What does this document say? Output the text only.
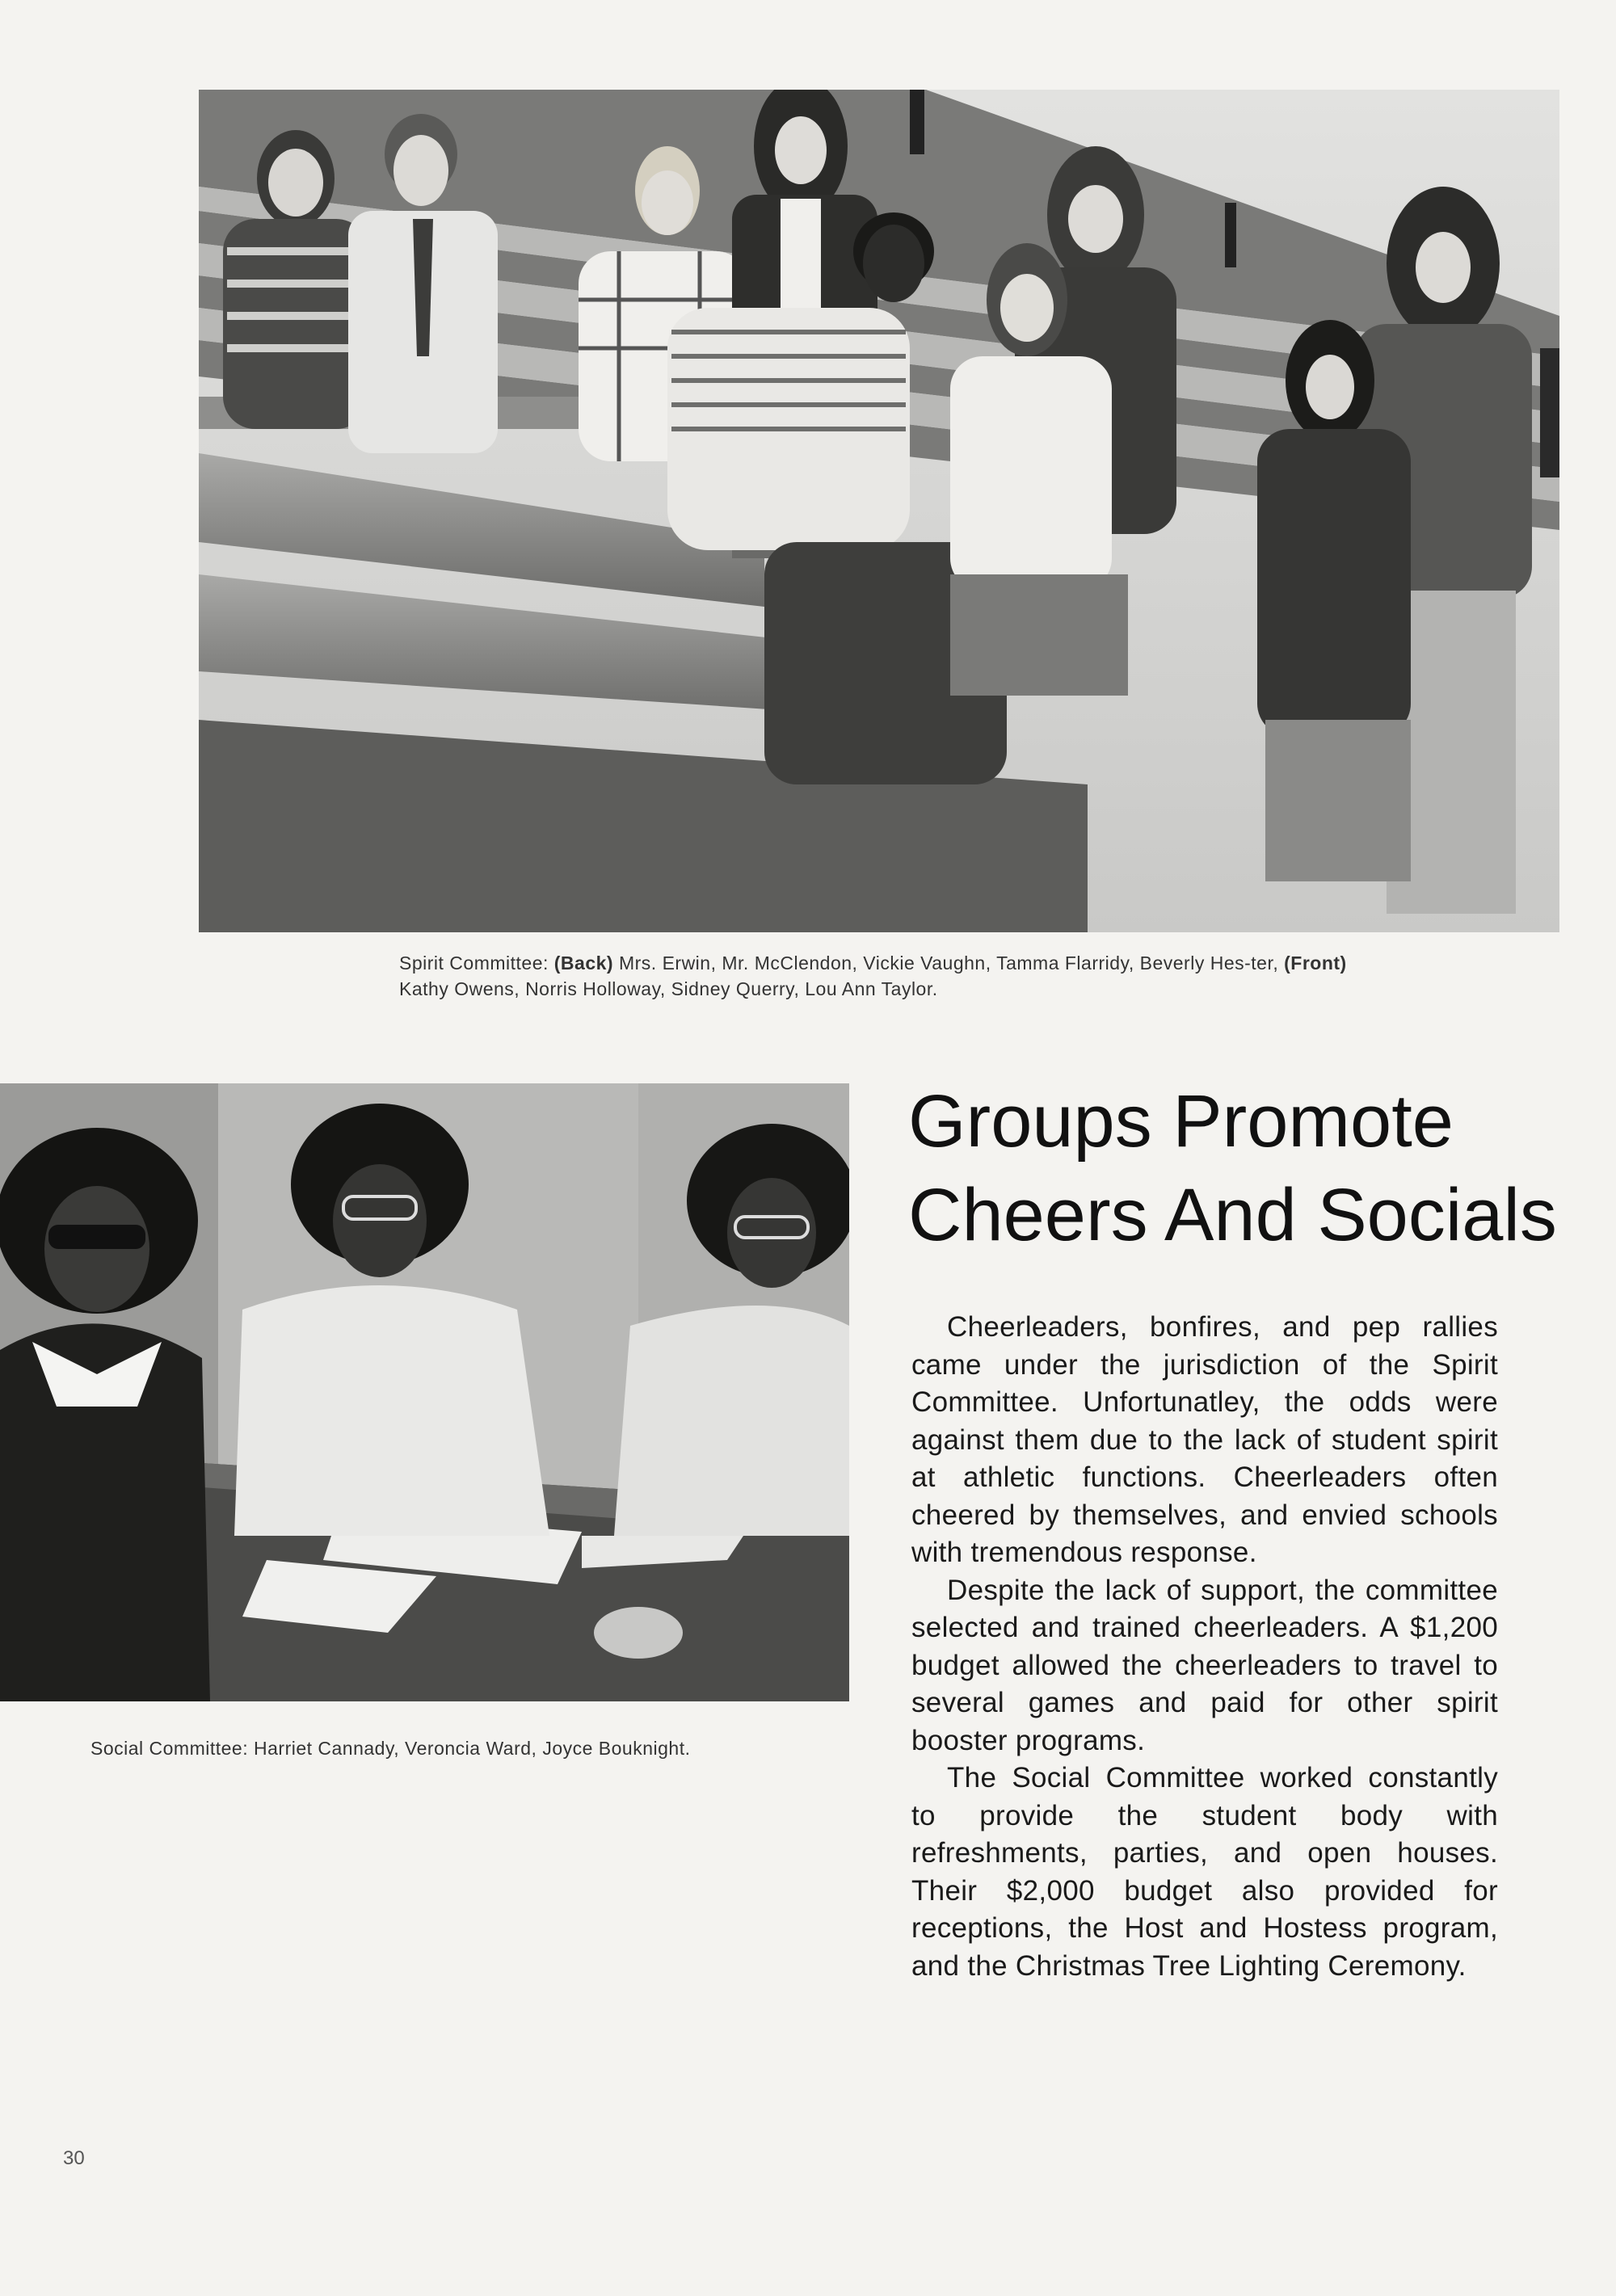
Spirit Committee: (Back) Mrs. Erwin, Mr. McClendon, Vickie Vaughn, Tamma Flarridy, Beverly Hes-ter, (Front) Kathy Owens, Norris Holloway, Sidney Querry, Lou Ann Taylor.
Social Committee: Harriet Cannady, Veroncia Ward, Joyce Bouknight.
Groups Promote
Cheers And Socials

Cheerleaders, bonfires, and pep rallies came under the jurisdiction of the Spirit Committee. Unfortunatley, the odds were against them due to the lack of student spirit at athletic functions. Cheerleaders often cheered by themselves, and envied schools with tremendous response.

Despite the lack of support, the committee selected and trained cheerleaders. A $1,200 budget allowed the cheerleaders to travel to several games and paid for other spirit booster programs.

The Social Committee worked constantly to provide the student body with refreshments, parties, and open houses. Their $2,000 budget also provided for receptions, the Host and Hostess program, and the Christmas Tree Lighting Ceremony.

30
